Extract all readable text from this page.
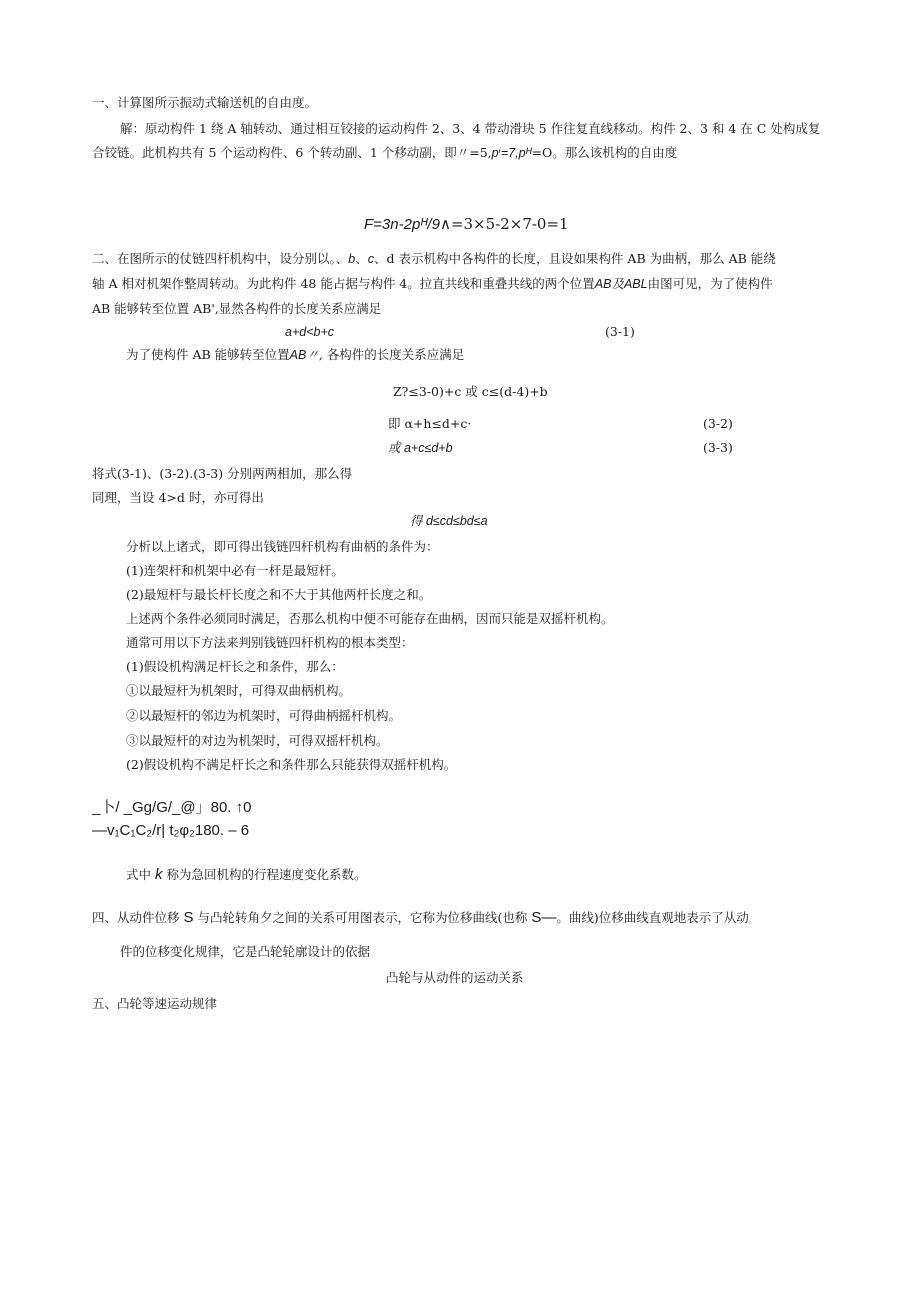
一、计算图所示振动式输送机的自由度。
解：原动构件 1 绕 A 轴转动、通过相互铰接的运动构件 2、3、4 带动滑块 5 作往复直线移动。构件 2、3 和 4 在 C 处构成复
合铰链。此机构共有 5 个运动构件、6 个转动副、1 个移动副，即〃=5,pⁱ=7,pᴴ=O。那么该机构的自由度
F=3n-2pᴴ/9∧=3×5-2×7-0=1
二、在图所示的仗链四杆机构中，设分别以。、b、c、d 表示机构中各构件的长度，且设如果构件 AB 为曲柄，那么 AB 能绕
轴 A 相对机架作整周转动。为此构件 48 能占据与构件 4。拉直共线和重叠共线的两个位置AB及ABL由图可见，为了使构件
AB 能够转至位置 AB',显然各构件的长度关系应满足
a+d<b+c	(3-1)
为了使构件 AB 能够转至位置AB〃, 各构件的长度关系应满足
Z?≤3-0)+c 或 c≤(d-4)+b
即 α+h≤d+c·	(3-2)
或 a+c≤d+b	(3-3)
将式(3-1)、(3-2).(3-3) 分别两两相加，那么得
同理，当设 4>d 时，亦可得出
得 d≤cd≤bd≤a
分析以上诸式，即可得出钱链四杆机构有曲柄的条件为：
(1)连架杆和机架中必有一杆是最短杆。
(2)最短杆与最长杆长度之和不大于其他两杆长度之和。
上述两个条件必须同时满足，否那么机构中便不可能存在曲柄，因而只能是双摇杆机构。
通常可用以下方法来判别钱链四杆机构的根本类型：
(1)假设机构满足杆长之和条件，那么：
①以最短杆为机架时，可得双曲柄机构。
②以最短杆的邻边为机架时，可得曲柄摇杆机构。
③以最短杆的对边为机架时，可得双摇杆机构。
(2)假设机构不满足杆长之和条件那么只能获得双摇杆机构。
_卜/ _Gg/G/_@」80. ↑0
—v₁C₁C₂/r| t₂φ₂180. – 6
式中 k 称为急回机构的行程速度变化系数。
四、从动件位移 S 与凸轮转角夕之间的关系可用图表示，它称为位移曲线(也称 S—。曲线)位移曲线直观地表示了从动
件的位移变化规律，它是凸轮轮廓设计的依据
凸轮与从动件的运动关系
五、凸轮等速运动规律
